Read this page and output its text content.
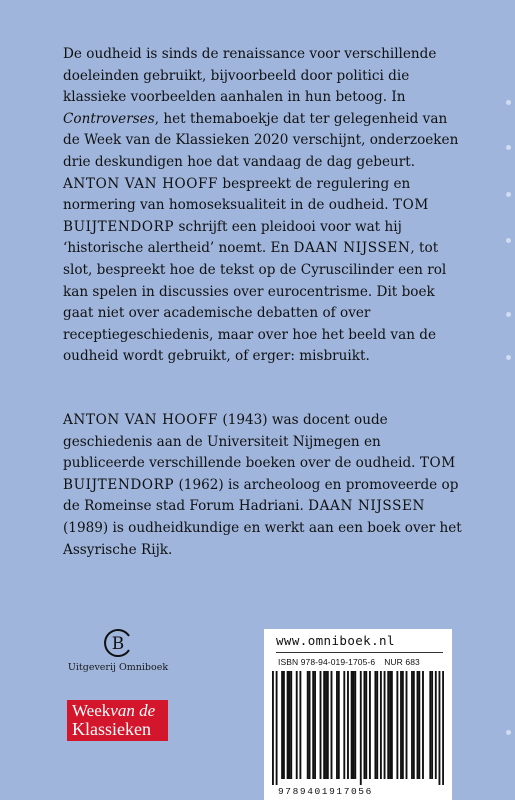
De oudheid is sinds de renaissance voor verschillende doeleinden gebruikt, bijvoorbeeld door politici die klassieke voorbeelden aanhalen in hun betoog. In Controverses, het themaboekje dat ter gelegenheid van de Week van de Klassieken 2020 verschijnt, onderzoeken drie deskundigen hoe dat vandaag de dag gebeurt. ANTON VAN HOOFF bespreekt de regulering en normering van homoseksualiteit in de oudheid. TOM BUIJTENDORP schrijft een pleidooi voor wat hij ‘historische alertheid’ noemt. En DAAN NIJSSEN, tot slot, bespreekt hoe de tekst op de Cyruscilinder een rol kan spelen in discussies over eurocentrisme. Dit boek gaat niet over academische debatten of over receptiegeschiedenis, maar over hoe het beeld van de oudheid wordt gebruikt, of erger: misbruikt.

ANTON VAN HOOFF (1943) was docent oude geschiedenis aan de Universiteit Nijmegen en publiceerde verschillende boeken over de oudheid. TOM BUIJTENDORP (1962) is archeoloog en promoveerde op de Romeinse stad Forum Hadriani. DAAN NIJSSEN (1989) is oudheidkundige en werkt aan een boek over het Assyrische Rijk.

B
Uitgeverij Omniboek
Weekvan de
Klassieken
www.omniboek.nl
ISBN 978-94-019-1705-6 NUR 683
9789401917056
